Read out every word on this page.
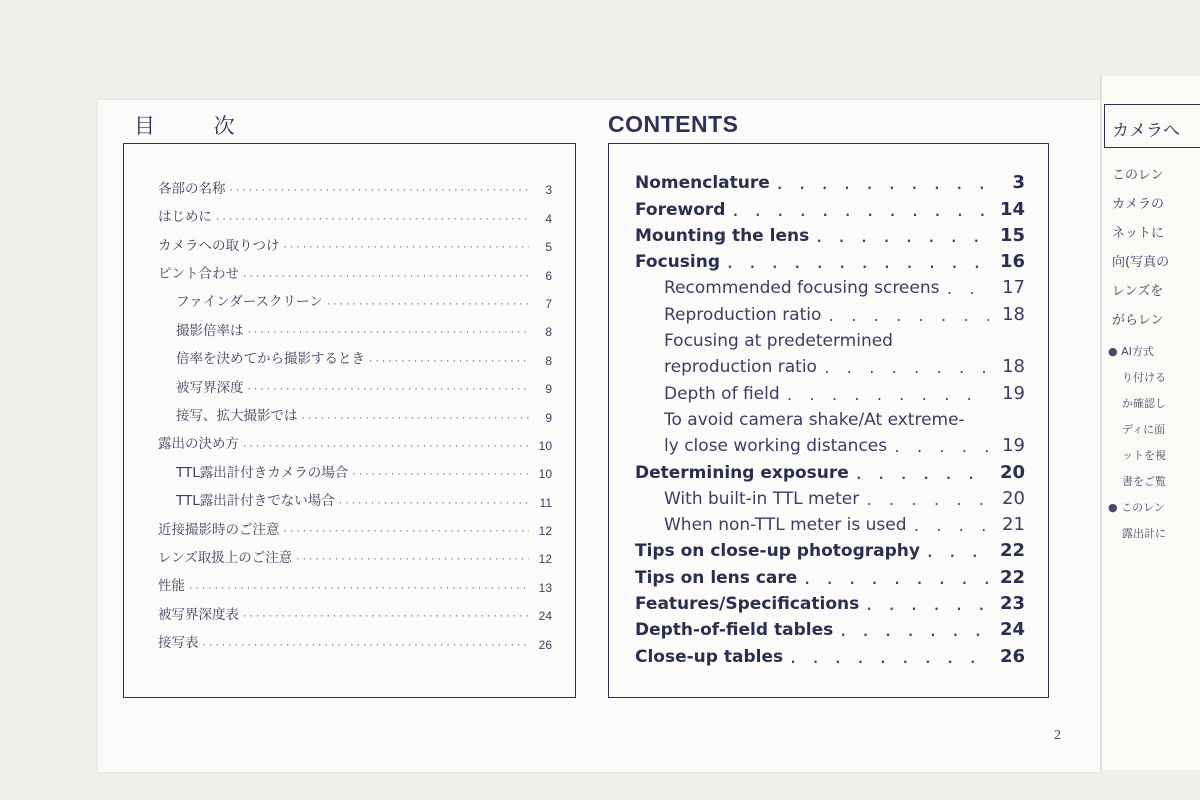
目 次	CONTENTS
各部の名称 ·····	3
はじめに ·····	4
カメラへの取りつけ ·····	5
ピント合わせ ·····	6
ファインダースクリーン ·····	7
撮影倍率は ·····	8
倍率を決めてから撮影するとき ·····	8
被写界深度 ·····	9
接写、拡大撮影では ·····	9
露出の決め方 ·····	10
TTL露出計付きカメラの場合 ·····	10
TTL露出計付きでない場合 ·····	11
近接撮影時のご注意 ·····	12
レンズ取扱上のご注意 ·····	12
性能 ·····	13
被写界深度表 ·····	24
接写表 ·····	26
Nomenclature . . .	3
Foreword . . .	14
Mounting the lens . . .	15
Focusing . . .	16
Recommended focusing screens . . .	17
Reproduction ratio . . .	18
Focusing at predetermined
reproduction ratio . . .	18
Depth of field . . .	19
To avoid camera shake/At extreme-
ly close working distances . . .	19
Determining exposure . . .	20
With built-in TTL meter . . .	20
When non-TTL meter is used . . .	21
Tips on close-up photography . . .	22
Tips on lens care . . .	22
Features/Specifications . . .	23
Depth-of-field tables . . .	24
Close-up tables . . .	26
2
カメラへ
このレン
カメラの
ネットに
向(写真の
レンズを
がらレン
● AI方式
り付ける
か確認し
ディに面
ットを視
書をご覧
● このレン
露出計に
